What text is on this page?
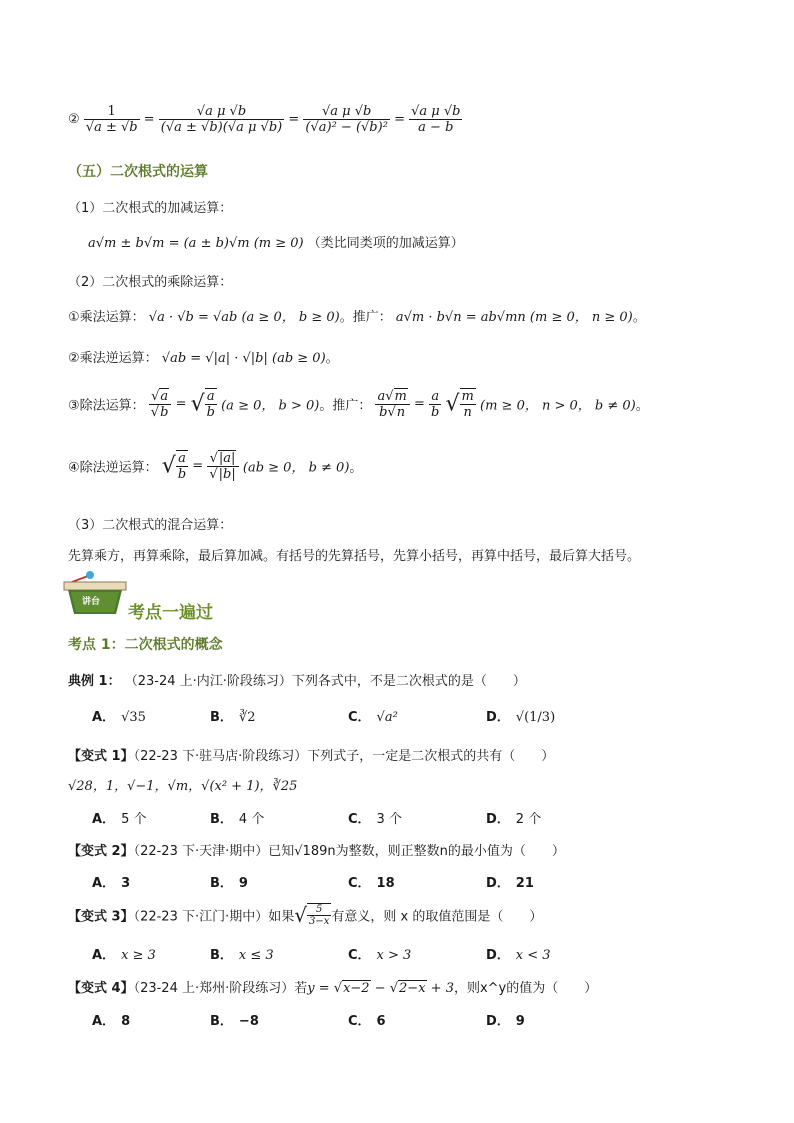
② $\frac{1}{√a \pm √b} = \frac{\text{√a μ √b}}{\text{(√a ± √b)(√a μ √b)}} = \frac{\text{√a μ √b}}{\text{(√a)² − (√b)²}} = \frac{\text{√a μ √b}}{a - b}$
（五）二次根式的运算
（1）二次根式的加减运算：
a√m ± b√m = (a ± b)√m (m ≥ 0) （类比同类项的加减运算）
（2）二次根式的乘除运算：
①乘法运算： √a · √b = √ab (a ≥ 0， b ≥ 0)。推广： a√m · b√n = ab√mn (m ≥ 0， n ≥ 0)。
②乘法逆运算： √ab = √|a| · √|b| (ab ≥ 0)。
③除法运算： $\frac{√a}{√b}$ = √ $\frac{a}{b} (a \ge 0$， b > 0)。推广： $\frac{a√m}{b√n} = \frac{a}{b}$ √ $\frac{m}{n} (m \ge 0$， n > 0， b ≠ 0)。
④除法逆运算： √ $\frac{a}{b} = \frac{√|a|}{√|b|} (ab \ge 0$， b ≠ 0)。
（3）二次根式的混合运算：
先算乘方，再算乘除，最后算加减。有括号的先算括号，先算小括号，再算中括号，最后算大括号。
讲台
考点一遍过
考点 1：二次根式的概念
典例 1： （23-24 上·内江·阶段练习）下列各式中，不是二次根式的是（　　）
A． √35	B． ∛2	C． √a²	D． √(1/3)
【变式 1】（22-23 下·驻马店·阶段练习）下列式子，一定是二次根式的共有（　　）
√28，1，√−1，√m，√(x² + 1)，∛25
A． 5 个	B． 4 个	C． 3 个	D． 2 个
【变式 2】（22-23 下·天津·期中）已知√189n为整数，则正整数n的最小值为（　　）
A． 3	B． 9	C． 18	D． 21
【变式 3】（22-23 下·江门·期中）如果√ $\frac{5}{3-x}$ 有意义，则 x 的取值范围是（　　）
A． x ≥ 3	B． x ≤ 3	C． x > 3	D． x < 3
【变式 4】（23-24 上·郑州·阶段练习）若y = √x−2 − √2−x + 3，则x^y的值为（　　）
A． 8	B． −8	C． 6	D． 9
